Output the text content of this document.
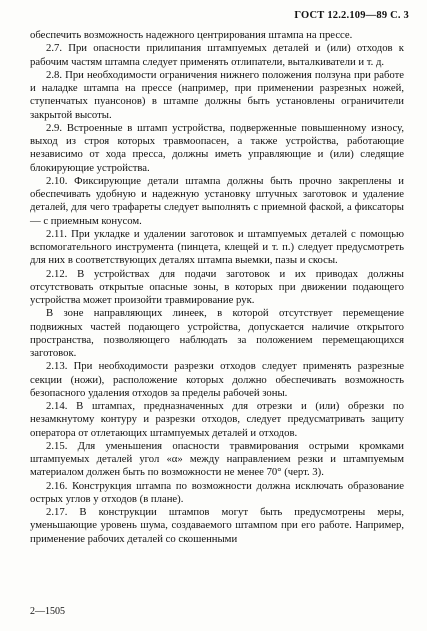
ГОСТ 12.2.109—89 С. 3

обеспечить возможность надежного центрирования штампа на прессе.

2.7. При опасности прилипания штампуемых деталей и (или) отходов к рабочим частям штампа следует применять отлипатели, выталкиватели и т. д.

2.8. При необходимости ограничения нижнего положения ползуна при работе и наладке штампа на прессе (например, при применении разрезных ножей, ступенчатых пуансонов) в штампе должны быть установлены ограничители закрытой высоты.

2.9. Встроенные в штамп устройства, подверженные повышенному износу, выход из строя которых травмоопасен, а также устройства, работающие независимо от хода пресса, должны иметь управляющие и (или) следящие блокирующие устройства.

2.10. Фиксирующие детали штампа должны быть прочно закреплены и обеспечивать удобную и надежную установку штучных заготовок и удаление деталей, для чего трафареты следует выполнять с приемной фаской, а фиксаторы — с приемным конусом.

2.11. При укладке и удалении заготовок и штампуемых деталей с помощью вспомогательного инструмента (пинцета, клещей и т. п.) следует предусмотреть для них в соответствующих деталях штампа выемки, пазы и скосы.

2.12. В устройствах для подачи заготовок и их приводах должны отсутствовать открытые опасные зоны, в которых при движении подающего устройства может произойти травмирование рук.

В зоне направляющих линеек, в которой отсутствует перемещение подвижных частей подающего устройства, допускается наличие открытого пространства, позволяющего наблюдать за положением перемещающихся заготовок.

2.13. При необходимости разрезки отходов следует применять разрезные секции (ножи), расположение которых должно обеспечивать возможность безопасного удаления отходов за пределы рабочей зоны.

2.14. В штампах, предназначенных для отрезки и (или) обрезки по незамкнутому контуру и разрезки отходов, следует предусматривать защиту оператора от отлетающих штампуемых деталей и отходов.

2.15. Для уменьшения опасности травмирования острыми кромками штампуемых деталей угол «α» между направлением резки и штампуемым материалом должен быть по возможности не менее 70° (черт. 3).

2.16. Конструкция штампа по возможности должна исключать образование острых углов у отходов (в плане).

2.17. В конструкции штампов могут быть предусмотрены меры, уменьшающие уровень шума, создаваемого штампом при его работе. Например, применение рабочих деталей со скошенными

2—1505
